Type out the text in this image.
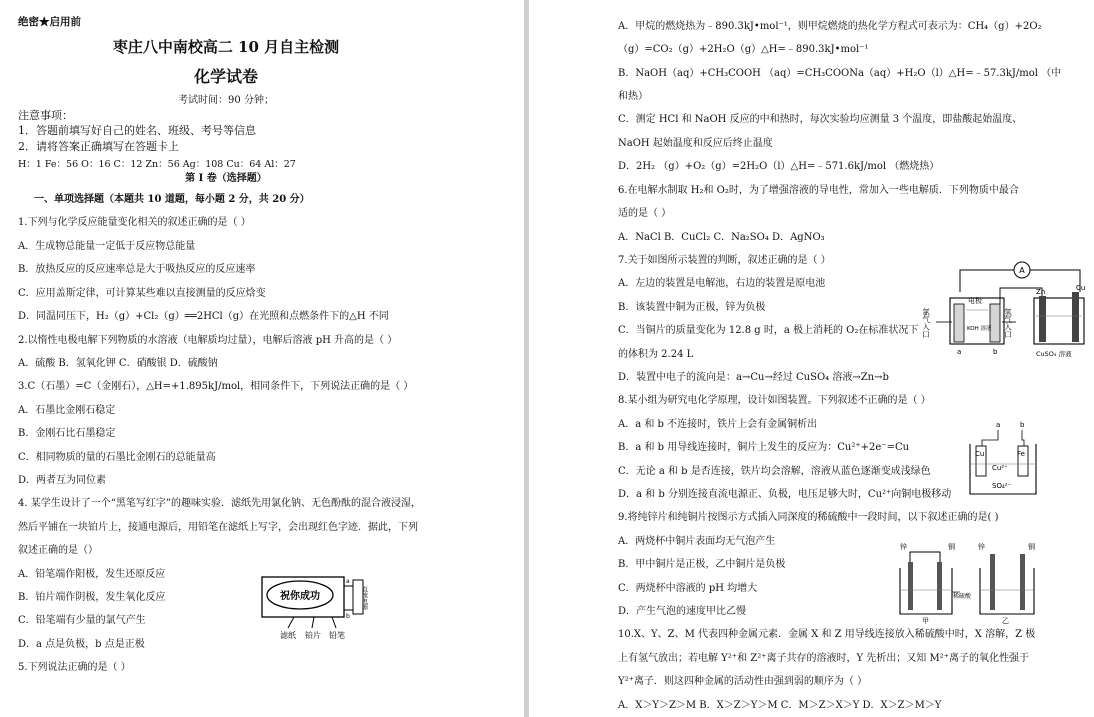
绝密★启用前
枣庄八中南校高二 10 月自主检测
化学试卷
考试时间：90 分钟；
注意事项：
1．答题前填写好自己的姓名、班级、考号等信息
2．请将答案正确填写在答题卡上
H：1 Fe：56 O：16 C：12 Zn：56 Ag：108 Cu：64 Al：27
第 I 卷（选择题）
一、单项选择题（本题共 10 道题，每小题 2 分，共 20 分）
1.下列与化学反应能量变化相关的叙述正确的是（ ）
A．生成物总能量一定低于反应物总能量
B．放热反应的反应速率总是大于吸热反应的反应速率
C．应用盖斯定律，可计算某些难以直接测量的反应焓变
D．同温同压下，H₂（g）+Cl₂（g）══2HCl（g）在光照和点燃条件下的△H 不同
2.以惰性电极电解下列物质的水溶液（电解质均过量），电解后溶液 pH 升高的是（ ）
A．硫酸 B．氢氧化钾 C．硝酸银 D．硫酸钠
3.C（石墨）=C（金刚石），△H=+1.895kJ/mol，相同条件下，下列说法正确的是（ ）
A．石墨比金刚石稳定
B．金刚石比石墨稳定
C．相同物质的量的石墨比金刚石的总能量高
D．两者互为同位素
4. 某学生设计了一个“黑笔写红字”的趣味实验．滤纸先用氯化钠、无色酚酞的混合液浸湿，
然后平铺在一块铂片上，接通电源后，用铅笔在滤纸上写字，会出现红色字迹．据此，下列
叙述正确的是（）
A．铅笔端作阳极，发生还原反应
B．铂片端作阴极，发生氧化反应
C．铅笔端有少量的氯气产生
D．a 点是负极，b 点是正极
5.下列说法正确的是（ ）
祝你成功	直流电源
a
b
滤纸 铂片 铅笔
A．甲烷的燃烧热为﹣890.3kJ•mol⁻¹，则甲烷燃烧的热化学方程式可表示为：CH₄（g）+2O₂
（g）=CO₂（g）+2H₂O（g）△H=﹣890.3kJ•mol⁻¹
B．NaOH（aq）+CH₃COOH （aq）=CH₃COONa（aq）+H₂O（l）△H=﹣57.3kJ/mol （中
和热）
C．测定 HCl 和 NaOH 反应的中和热时，每次实验均应测量 3 个温度，即盐酸起始温度、
NaOH 起始温度和反应后终止温度
D．2H₂ （g）+O₂（g）=2H₂O（l）△H=﹣571.6kJ/mol （燃烧热）
6.在电解水制取 H₂和 O₂时，为了增强溶液的导电性，常加入一些电解质．下列物质中最合
适的是（ ）
A．NaCl B．CuCl₂ C．Na₂SO₄ D．AgNO₃
7.关于如图所示装置的判断，叙述正确的是（ ）
A．左边的装置是电解池，右边的装置是原电池
B．该装置中铜为正极，锌为负极
C．当铜片的质量变化为 12.8 g 时，a 极上消耗的 O₂在标准状况下
的体积为 2.24 L
D．装置中电子的流向是：a→Cu→经过 CuSO₄ 溶液→Zn→b
8.某小组为研究电化学原理，设计如图装置。下列叙述不正确的是（ ）
A．a 和 b 不连接时，铁片上会有金属铜析出
B．a 和 b 用导线连接时，铜片上发生的反应为：Cu²⁺+2e⁻=Cu
C．无论 a 和 b 是否连接，铁片均会溶解，溶液从蓝色逐渐变成浅绿色
D．a 和 b 分别连接直流电源正、负极，电压足够大时，Cu²⁺向铜电极移动
9.将纯锌片和纯铜片按图示方式插入同深度的稀硫酸中一段时间，以下叙述正确的是( )
A．两烧杯中铜片表面均无气泡产生
B．甲中铜片是正极，乙中铜片是负极
C．两烧杯中溶液的 pH 均增大
D．产生气泡的速度甲比乙慢
10.X、Y、Z、M 代表四种金属元素．金属 X 和 Z 用导线连接放入稀硫酸中时，X 溶解，Z 极
上有氢气放出；若电解 Y²⁺和 Z²⁺离子共存的溶液时，Y 先析出；又知 M²⁺离子的氧化性强于
Y²⁺离子．则这四种金属的活动性由强到弱的顺序为（ ）
A．X＞Y＞Z＞M B．X＞Z＞Y＞M C．M＞Z＞X＞Y D．X＞Z＞M＞Y
A
电极
KOH 溶液
氯气入口	氢气入口
a	b
Zn	Cu
CuSO₄ 溶液
a	b
Cu	Fe
Cu²⁺
SO₄²⁻
锌	铜	锌	铜
稀硫酸
甲	乙
